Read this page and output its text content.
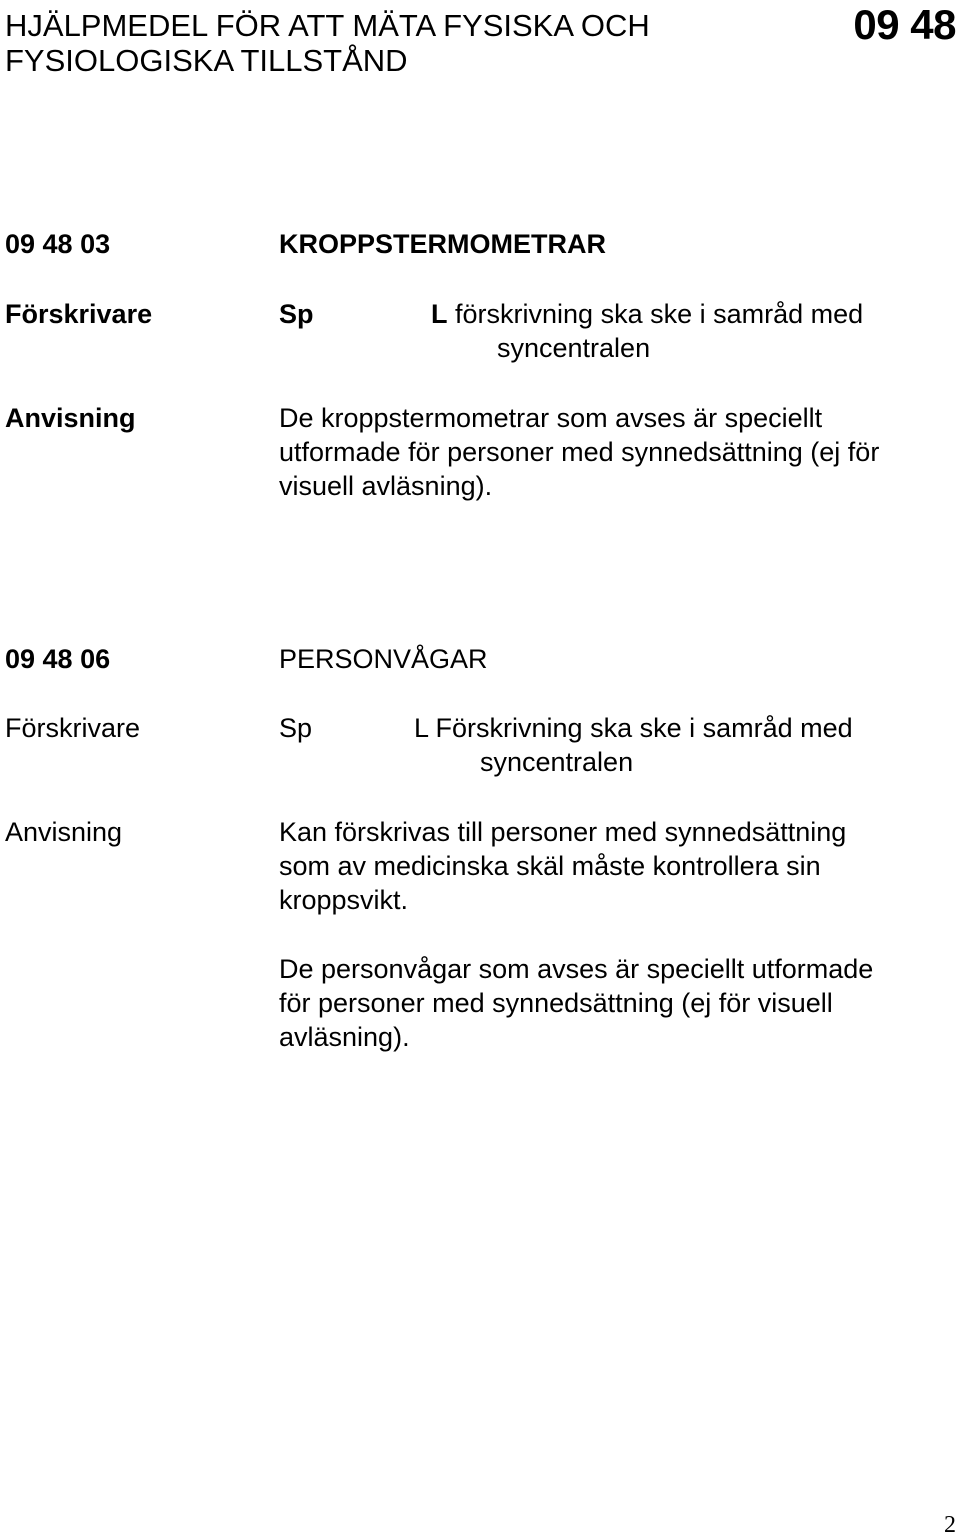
HJÄLPMEDEL FÖR ATT MÄTA FYSISKA OCH
FYSIOLOGISKA TILLSTÅND
09 48
09 48 03	KROPPSTERMOMETRAR
Förskrivare	Sp	L förskrivning ska ske i samråd med
syncentralen
Anvisning	De kroppstermometrar som avses är speciellt
utformade för personer med synnedsättning (ej för
visuell avläsning).
09 48 06	PERSONVÅGAR
Förskrivare	Sp	L Förskrivning ska ske i samråd med
syncentralen
Anvisning	Kan förskrivas till personer med synnedsättning
som av medicinska skäl måste kontrollera sin
kroppsvikt.
De personvågar som avses är speciellt utformade
för personer med synnedsättning (ej för visuell
avläsning).
2
